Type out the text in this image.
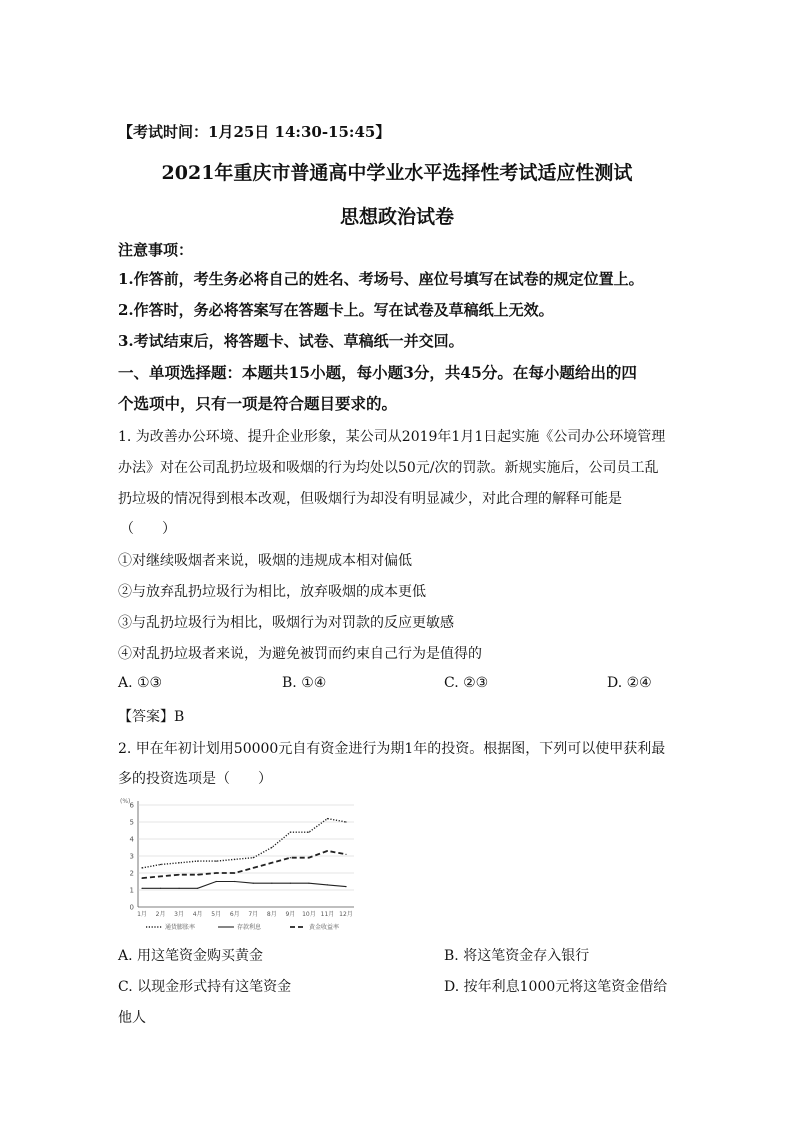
【考试时间：1月25日 14:30-15:45】
2021年重庆市普通高中学业水平选择性考试适应性测试
思想政治试卷
注意事项：
1.作答前，考生务必将自己的姓名、考场号、座位号填写在试卷的规定位置上。
2.作答时，务必将答案写在答题卡上。写在试卷及草稿纸上无效。
3.考试结束后，将答题卡、试卷、草稿纸一并交回。
一、单项选择题：本题共15小题，每小题3分，共45分。在每小题给出的四
个选项中，只有一项是符合题目要求的。
1. 为改善办公环境、提升企业形象，某公司从2019年1月1日起实施《公司办公环境管理
办法》对在公司乱扔垃圾和吸烟的行为均处以50元/次的罚款。新规实施后，公司员工乱
扔垃圾的情况得到根本改观，但吸烟行为却没有明显减少，对此合理的解释可能是
（　　）
①对继续吸烟者来说，吸烟的违规成本相对偏低
②与放弃乱扔垃圾行为相比，放弃吸烟的成本更低
③与乱扔垃圾行为相比，吸烟行为对罚款的反应更敏感
④对乱扔垃圾者来说，为避免被罚而约束自己行为是值得的
A. ①③	B. ①④	C. ②③	D. ②④
【答案】B
2. 甲在年初计划用50000元自有资金进行为期1年的投资。根据图，下列可以使甲获利最
多的投资选项是（　　）
(%)
0
1
2
3
4
5
6
1月 2月 3月 4月 5月 6月 7月 8月 9月 10月 11月 12月
通货膨胀率	存款利息	黄金收益率
A. 用这笔资金购买黄金	B. 将这笔资金存入银行
C. 以现金形式持有这笔资金	D. 按年利息1000元将这笔资金借给
他人
